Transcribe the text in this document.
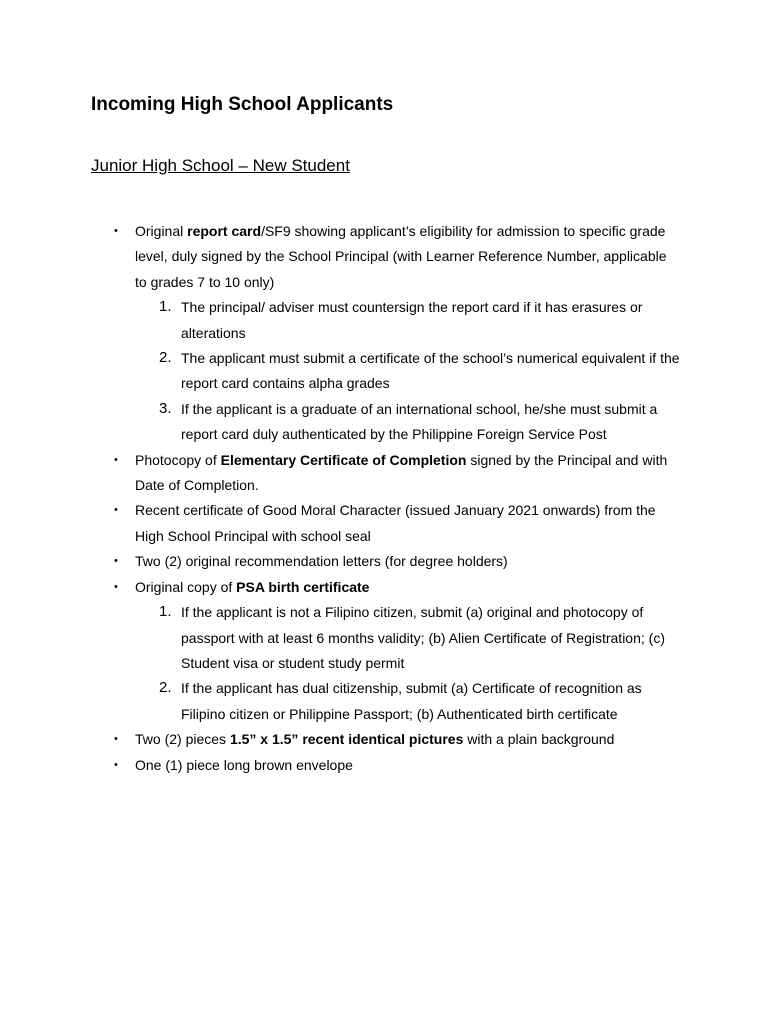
Incoming High School Applicants
Junior High School – New Student
• Original report card/SF9 showing applicant’s eligibility for admission to specific grade level, duly signed by the School Principal (with Learner Reference Number, applicable to grades 7 to 10 only)
1. The principal/ adviser must countersign the report card if it has erasures or alterations
2. The applicant must submit a certificate of the school’s numerical equivalent if the report card contains alpha grades
3. If the applicant is a graduate of an international school, he/she must submit a report card duly authenticated by the Philippine Foreign Service Post
• Photocopy of Elementary Certificate of Completion signed by the Principal and with Date of Completion.
• Recent certificate of Good Moral Character (issued January 2021 onwards) from the High School Principal with school seal
• Two (2) original recommendation letters (for degree holders)
• Original copy of PSA birth certificate
1. If the applicant is not a Filipino citizen, submit (a) original and photocopy of passport with at least 6 months validity; (b) Alien Certificate of Registration; (c) Student visa or student study permit
2. If the applicant has dual citizenship, submit (a) Certificate of recognition as Filipino citizen or Philippine Passport; (b) Authenticated birth certificate
• Two (2) pieces 1.5” x 1.5” recent identical pictures with a plain background
• One (1) piece long brown envelope
